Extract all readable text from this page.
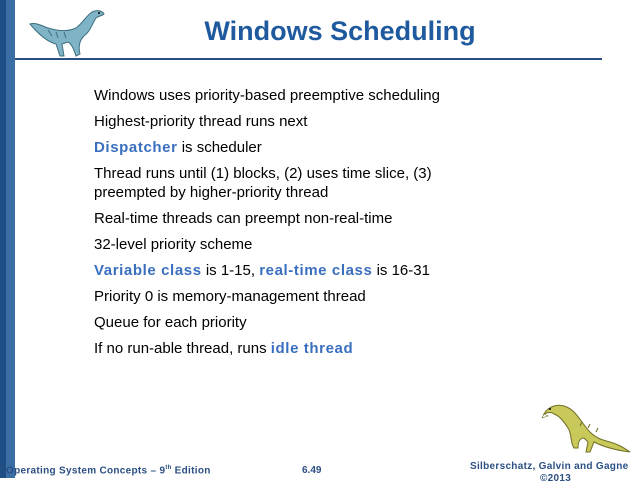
Windows Scheduling
Windows uses priority-based preemptive scheduling
Highest-priority thread runs next
Dispatcher is scheduler
Thread runs until (1) blocks, (2) uses time slice, (3) preempted by higher-priority thread
Real-time threads can preempt non-real-time
32-level priority scheme
Variable class is 1-15, real-time class is 16-31
Priority 0 is memory-management thread
Queue for each priority
If no run-able thread, runs idle thread
Operating System Concepts – 9th Edition	6.49	Silberschatz, Galvin and Gagne
©2013
